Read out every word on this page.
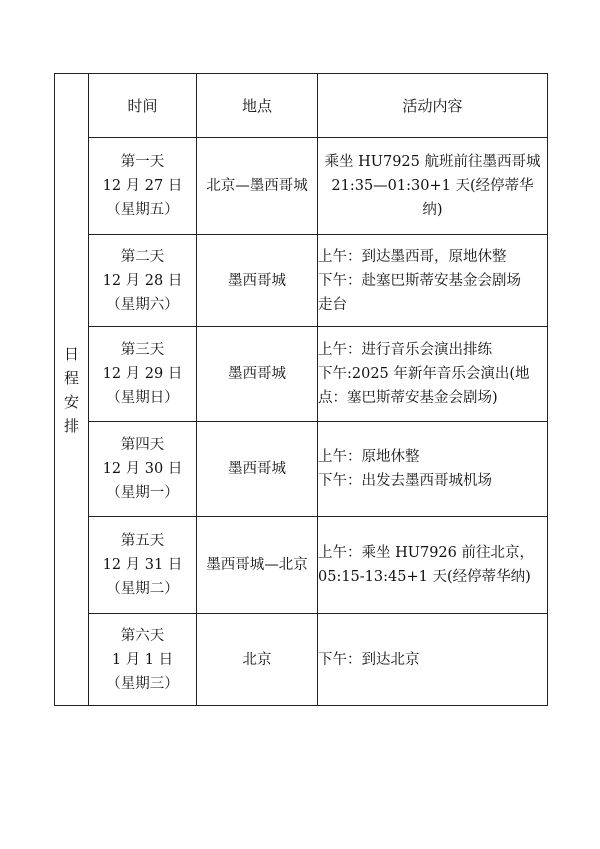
日程安排	时间	地点	活动内容

	第一天
12 月 27 日
（星期五）	北京—墨西哥城	乘坐 HU7925 航班前往墨西哥城
21:35—01:30+1 天(经停蒂华
纳)

	第二天
12 月 28 日
（星期六）	墨西哥城	上午：到达墨西哥，原地休整
下午：赴塞巴斯蒂安基金会剧场
走台

	第三天
12 月 29 日
（星期日）	墨西哥城	上午：进行音乐会演出排练
下午:2025 年新年音乐会演出(地
点：塞巴斯蒂安基金会剧场)

	第四天
12 月 30 日
（星期一）	墨西哥城	上午：原地休整
下午：出发去墨西哥城机场

	第五天
12 月 31 日
（星期二）	墨西哥城—北京	上午：乘坐 HU7926 前往北京，
05:15-13:45+1 天(经停蒂华纳)

	第六天
1 月 1 日
（星期三）	北京	下午：到达北京
